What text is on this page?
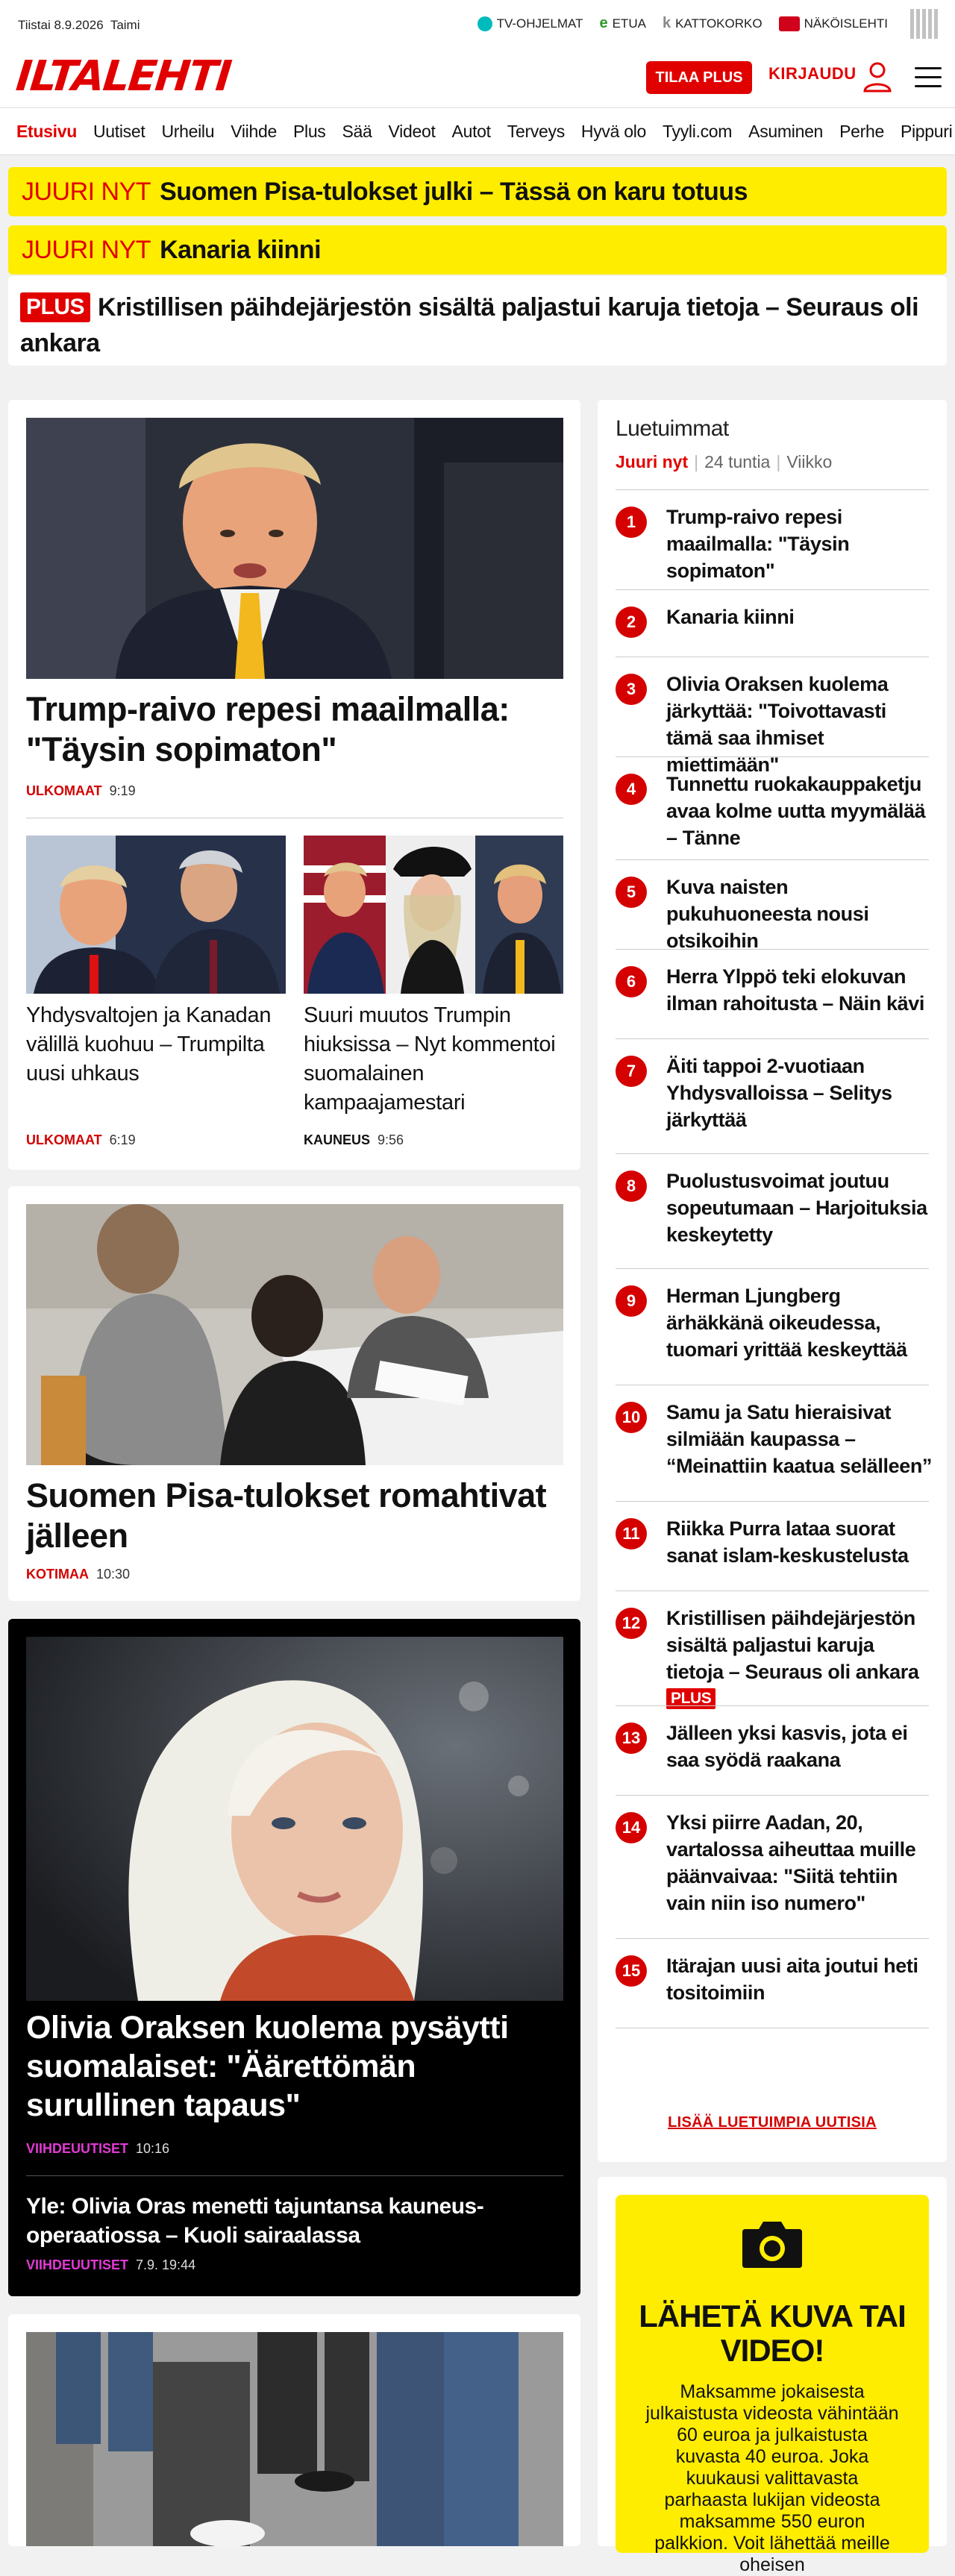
Tiistai 8.9.2026 Taimi	TV-OHJELMAT e ETUA k KATTOKORKO	NÄKÖISLEHTI
ILTALEHTI	TILAA PLUS	KIRJAUDU
Etusivu Uutiset Urheilu Viihde Plus Sää Videot Autot Terveys Hyvä olo Tyyli.com Asuminen Perhe Pippuri
JUURI NYT Suomen Pisa-tulokset julki – Tässä on karu totuus
JUURI NYT Kanaria kiinni
PLUS Kristillisen päihdejärjestön sisältä paljastui karuja tietoja – Seuraus oli ankara
Trump-raivo repesi maailmalla: "Täysin sopimaton"
ULKOMAAT 9:19
Yhdysvaltojen ja Kanadan välillä kuohuu – Trumpilta uusi uhkaus
ULKOMAAT 6:19
Suuri muutos Trumpin hiuksissa – Nyt kommentoi suomalainen kampaajamestari
KAUNEUS 9:56
Suomen Pisa-tulokset romahtivat jälleen
KOTIMAA 10:30
Olivia Oraksen kuolema pysäytti suomalaiset: "Äärettömän surullinen tapaus"
VIIHDEUUTISET 10:16
Yle: Olivia Oras menetti tajuntansa kauneus-operaatiossa – Kuoli sairaalassa
VIIHDEUUTISET 7.9. 19:44
Luetuimmat
Juuri nyt | 24 tuntia | Viikko
1	Trump-raivo repesi maailmalla: "Täysin sopimaton"
2	Kanaria kiinni
3	Olivia Oraksen kuolema järkyttää: "Toivottavasti tämä saa ihmiset miettimään"
4	Tunnettu ruokakauppaketju avaa kolme uutta myymälää – Tänne
5	Kuva naisten pukuhuoneesta nousi otsikoihin
6	Herra Ylppö teki elokuvan ilman rahoitusta – Näin kävi
7	Äiti tappoi 2-vuotiaan Yhdysvalloissa – Selitys järkyttää
8	Puolustusvoimat joutuu sopeutumaan – Harjoituksia keskeytetty
9	Herman Ljungberg ärhäkkänä oikeudessa, tuomari yrittää keskeyttää
10	Samu ja Satu hieraisivat silmiään kaupassa – “Meinattiin kaatua selälleen”
11	Riikka Purra lataa suorat sanat islam-keskustelusta
12	Kristillisen päihdejärjestön sisältä paljastui karuja tietoja – Seuraus oli ankara PLUS
13	Jälleen yksi kasvis, jota ei saa syödä raakana
14	Yksi piirre Aadan, 20, vartalossa aiheuttaa muille päänvaivaa: "Siitä tehtiin vain niin iso numero"
15	Itärajan uusi aita joutui heti tositoimiin
LISÄÄ LUETUIMPIA UUTISIA
LÄHETÄ KUVA TAI VIDEO!

Maksamme jokaisesta julkaistusta videosta vähintään 60 euroa ja julkaistusta kuvasta 40 euroa. Joka kuukausi valittavasta parhaasta lukijan videosta maksamme 550 euron palkkion. Voit lähettää meille oheisen
